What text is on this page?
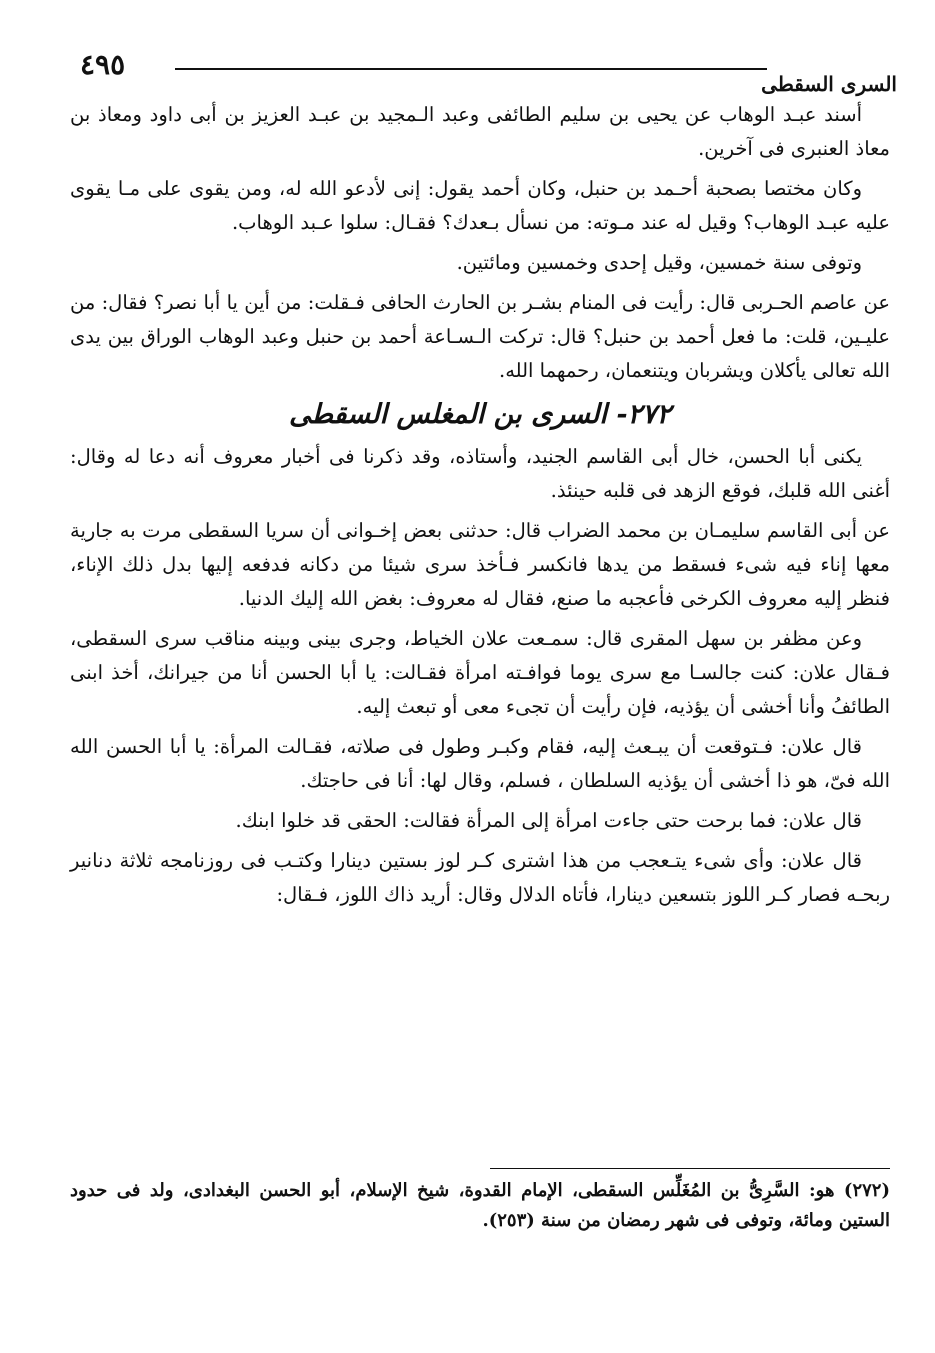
السرى السقطى
٤٩٥

أسند عبـد الوهاب عن يحيى بن سليم الطائفى وعبد الـمجيد بن عبـد العزيز بن أبى داود ومعاذ بن معاذ العنبرى فى آخرين.

وكان مختصا بصحبة أحـمد بن حنبل، وكان أحمد يقول: إنى لأدعو الله له، ومن يقوى على مـا يقوى عليه عبـد الوهاب؟ وقيل له عند مـوته: من نسأل بـعدك؟ فقـال: سلوا عـبد الوهاب.

وتوفى سنة خمسين، وقيل إحدى وخمسين ومائتين.

عن عاصم الحـربى قال: رأيت فى المنام بشـر بن الحارث الحافى فـقلت: من أين يا أبا نصر؟ فقال: من عليـين، قلت: ما فعل أحمد بن حنبل؟ قال: تركت الـسـاعة أحمد بن حنبل وعبد الوهاب الوراق بين يدى الله تعالى يأكلان ويشربان ويتنعمان، رحمهما الله.

٢٧٢- السرى بن المغلس السقطى

يكنى أبا الحسن، خال أبى القاسم الجنيد، وأستاذه، وقد ذكرنا فى أخبار معروف أنه دعا له وقال: أغنى الله قلبك، فوقع الزهد فى قلبه حينئذ.

عن أبى القاسم سليمـان بن محمد الضراب قال: حدثنى بعض إخـوانى أن سريا السقطى مرت به جارية معها إناء فيه شىء فسقط من يدها فانكسر فـأخذ سرى شيئا من دكانه فدفعه إليها بدل ذلك الإناء، فنظر إليه معروف الكرخى فأعجبه ما صنع، فقال له معروف: بغض الله إليك الدنيا.

وعن مظفر بن سهل المقرى قال: سمـعت علان الخياط، وجرى بينى وبينه مناقب سرى السقطى، فـقال علان: كنت جالسـا مع سرى يوما فوافـته امرأة فقـالت: يا أبا الحسن أنا من جيرانك، أخذ ابنى الطائفُ وأنا أخشى أن يؤذيه، فإن رأيت أن تجىء معى أو تبعث إليه.

قال علان: فـتوقعت أن يبـعث إليه، فقام وكبـر وطول فى صلاته، فقـالت المرأة: يا أبا الحسن الله الله فىّ، هو ذا أخشى أن يؤذيه السلطان ، فسلم، وقال لها: أنا فى حاجتك.

قال علان: فما برحت حتى جاءت امرأة إلى المرأة فقالت: الحقى قد خلوا ابنك.

قال علان: وأى شىء يتـعجب من هذا اشترى كـر لوز بستين دينارا وكتـب فى روزنامجه ثلاثة دنانير ربحـه فصار كـر اللوز بتسعين دينارا، فأتاه الدلال وقال: أريد ذاك اللوز، فـقال:

(٢٧٢) هو: السَّرِىُّ بن المُغَلِّس السقطى، الإمام القدوة، شيخ الإسلام، أبو الحسن البغدادى، ولد فى حدود الستين ومائة، وتوفى فى شهر رمضان من سنة (٢٥٣).
